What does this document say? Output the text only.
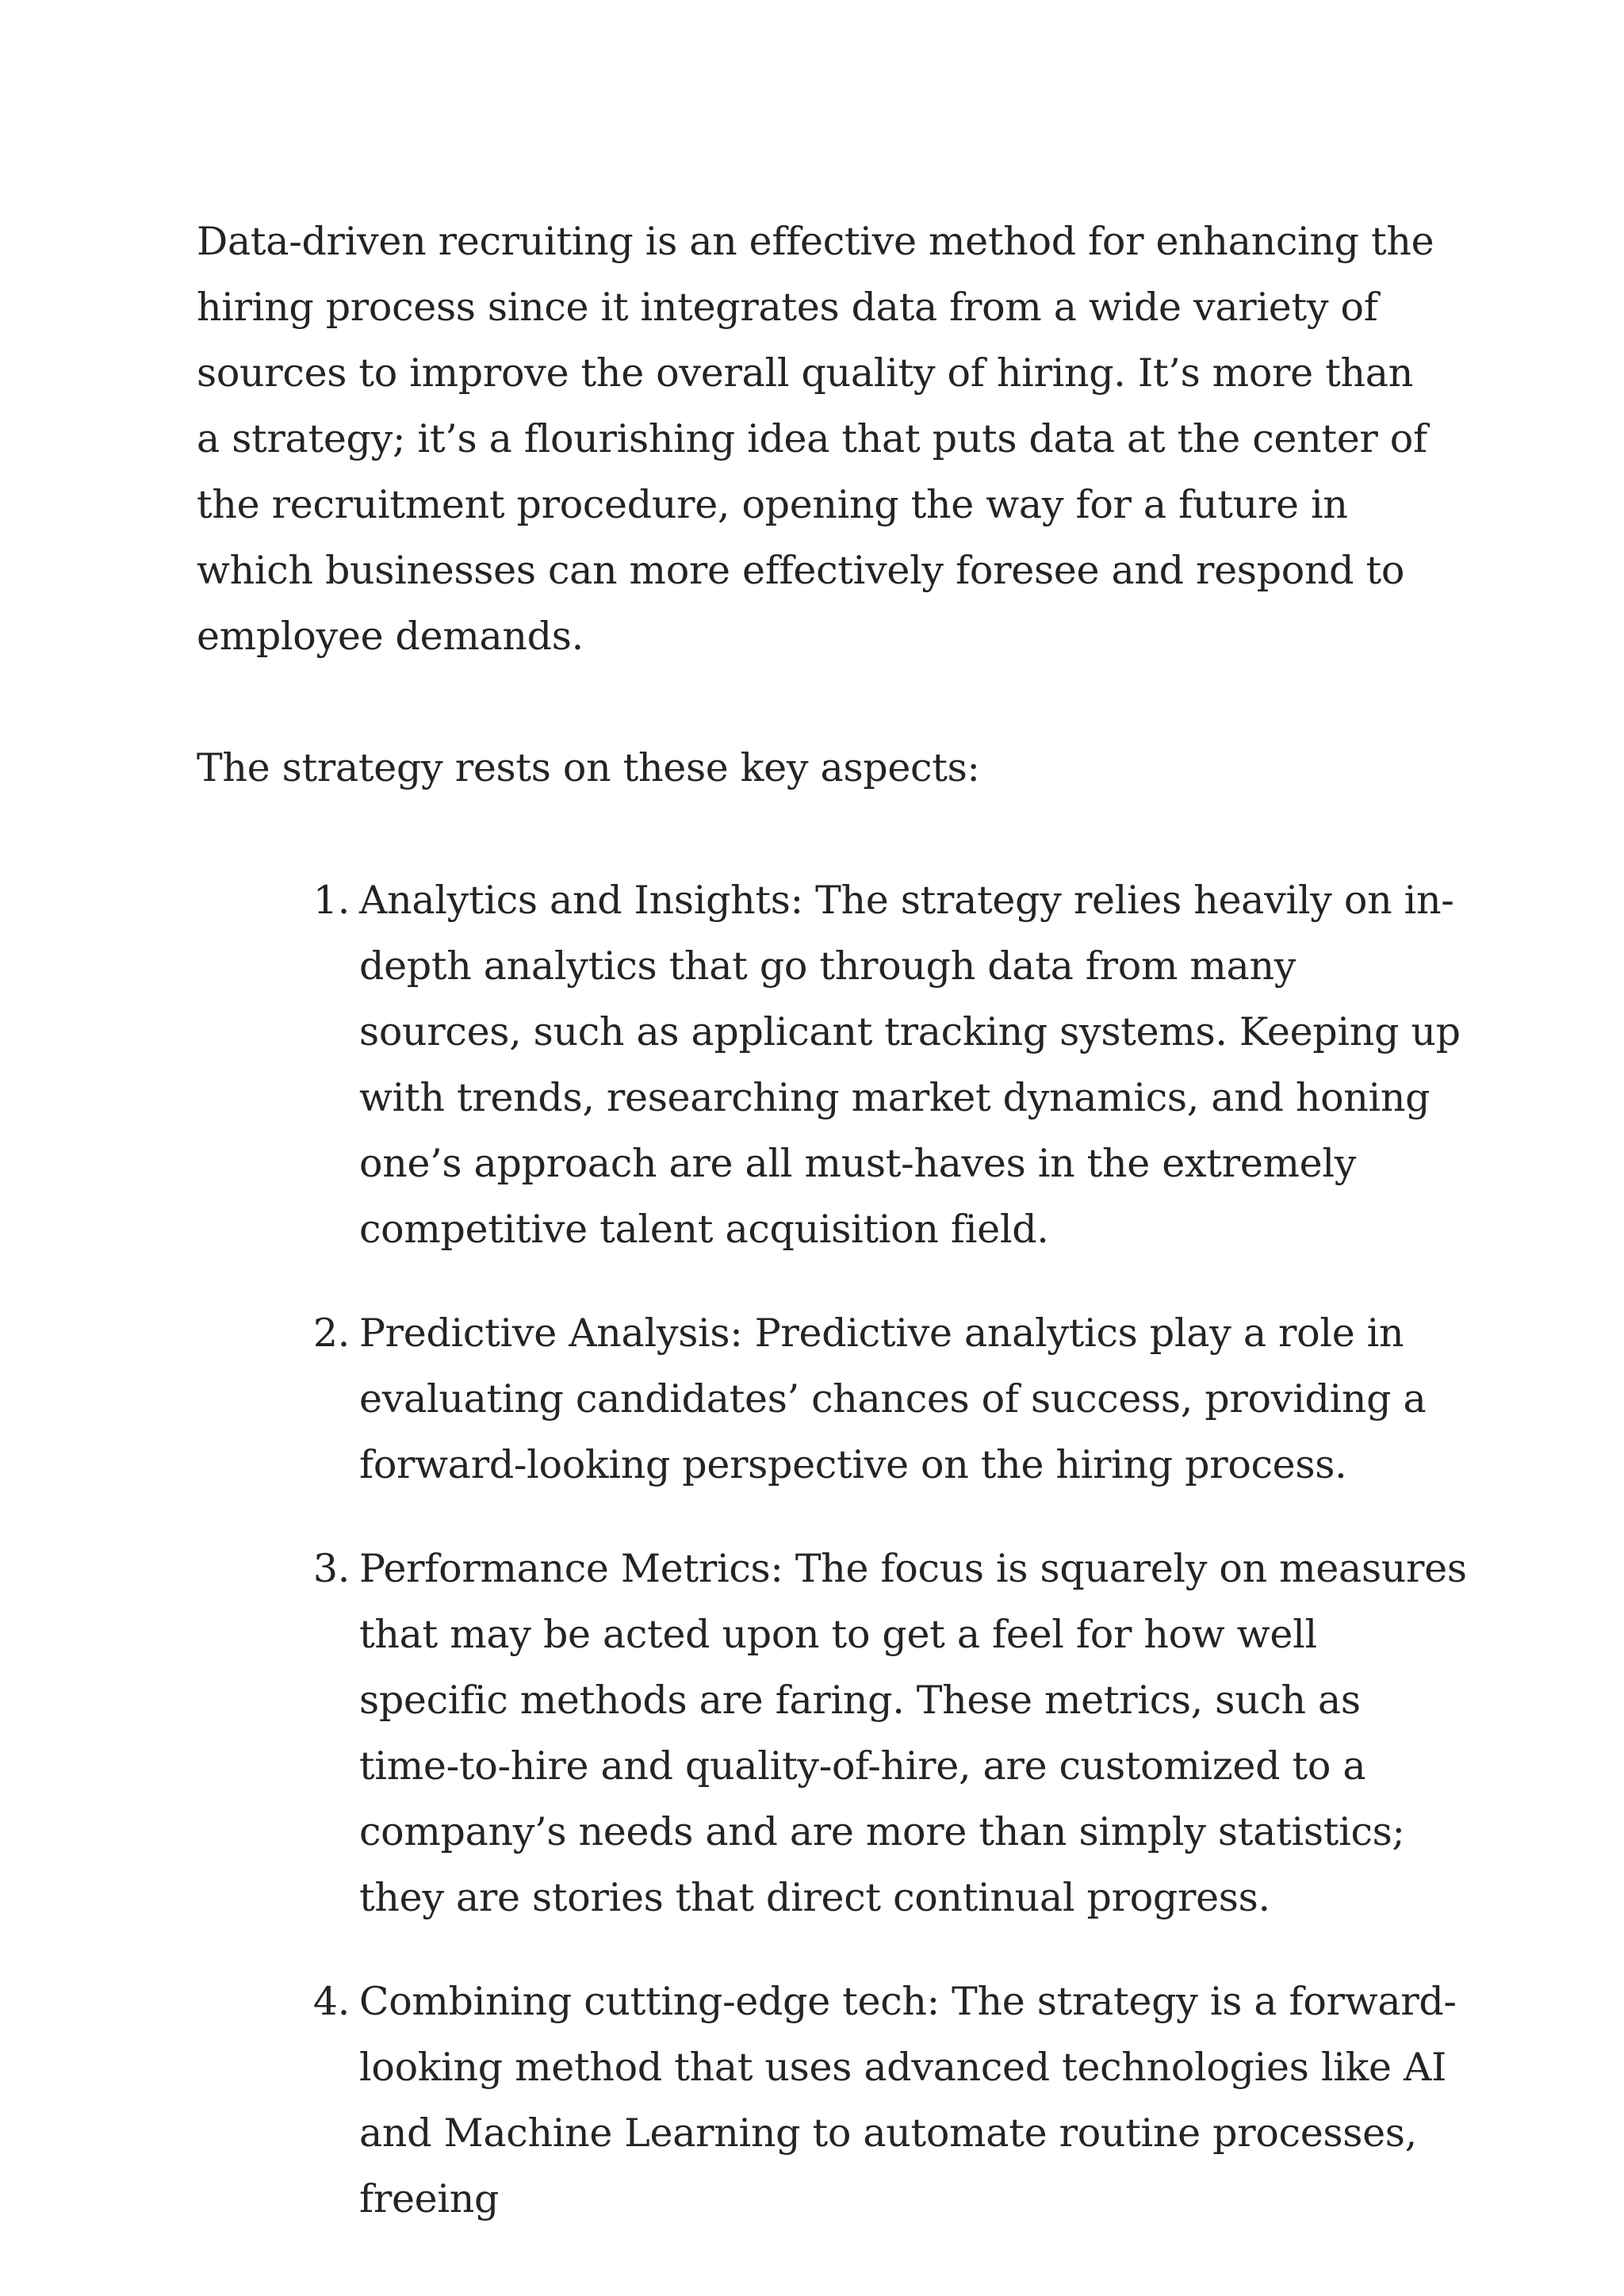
Data-driven recruiting is an effective method for enhancing the hiring process since it integrates data from a wide variety of sources to improve the overall quality of hiring. It’s more than a strategy; it’s a flourishing idea that puts data at the center of the recruitment procedure, opening the way for a future in which businesses can more effectively foresee and respond to employee demands.

The strategy rests on these key aspects:

1. Analytics and Insights: The strategy relies heavily on in-depth analytics that go through data from many sources, such as applicant tracking systems. Keeping up with trends, researching market dynamics, and honing one’s approach are all must-haves in the extremely competitive talent acquisition field.
2. Predictive Analysis: Predictive analytics play a role in evaluating candidates’ chances of success, providing a forward-looking perspective on the hiring process.
3. Performance Metrics: The focus is squarely on measures that may be acted upon to get a feel for how well specific methods are faring. These metrics, such as time-to-hire and quality-of-hire, are customized to a company’s needs and are more than simply statistics; they are stories that direct continual progress.
4. Combining cutting-edge tech: The strategy is a forward-looking method that uses advanced technologies like AI and Machine Learning to automate routine processes, freeing
